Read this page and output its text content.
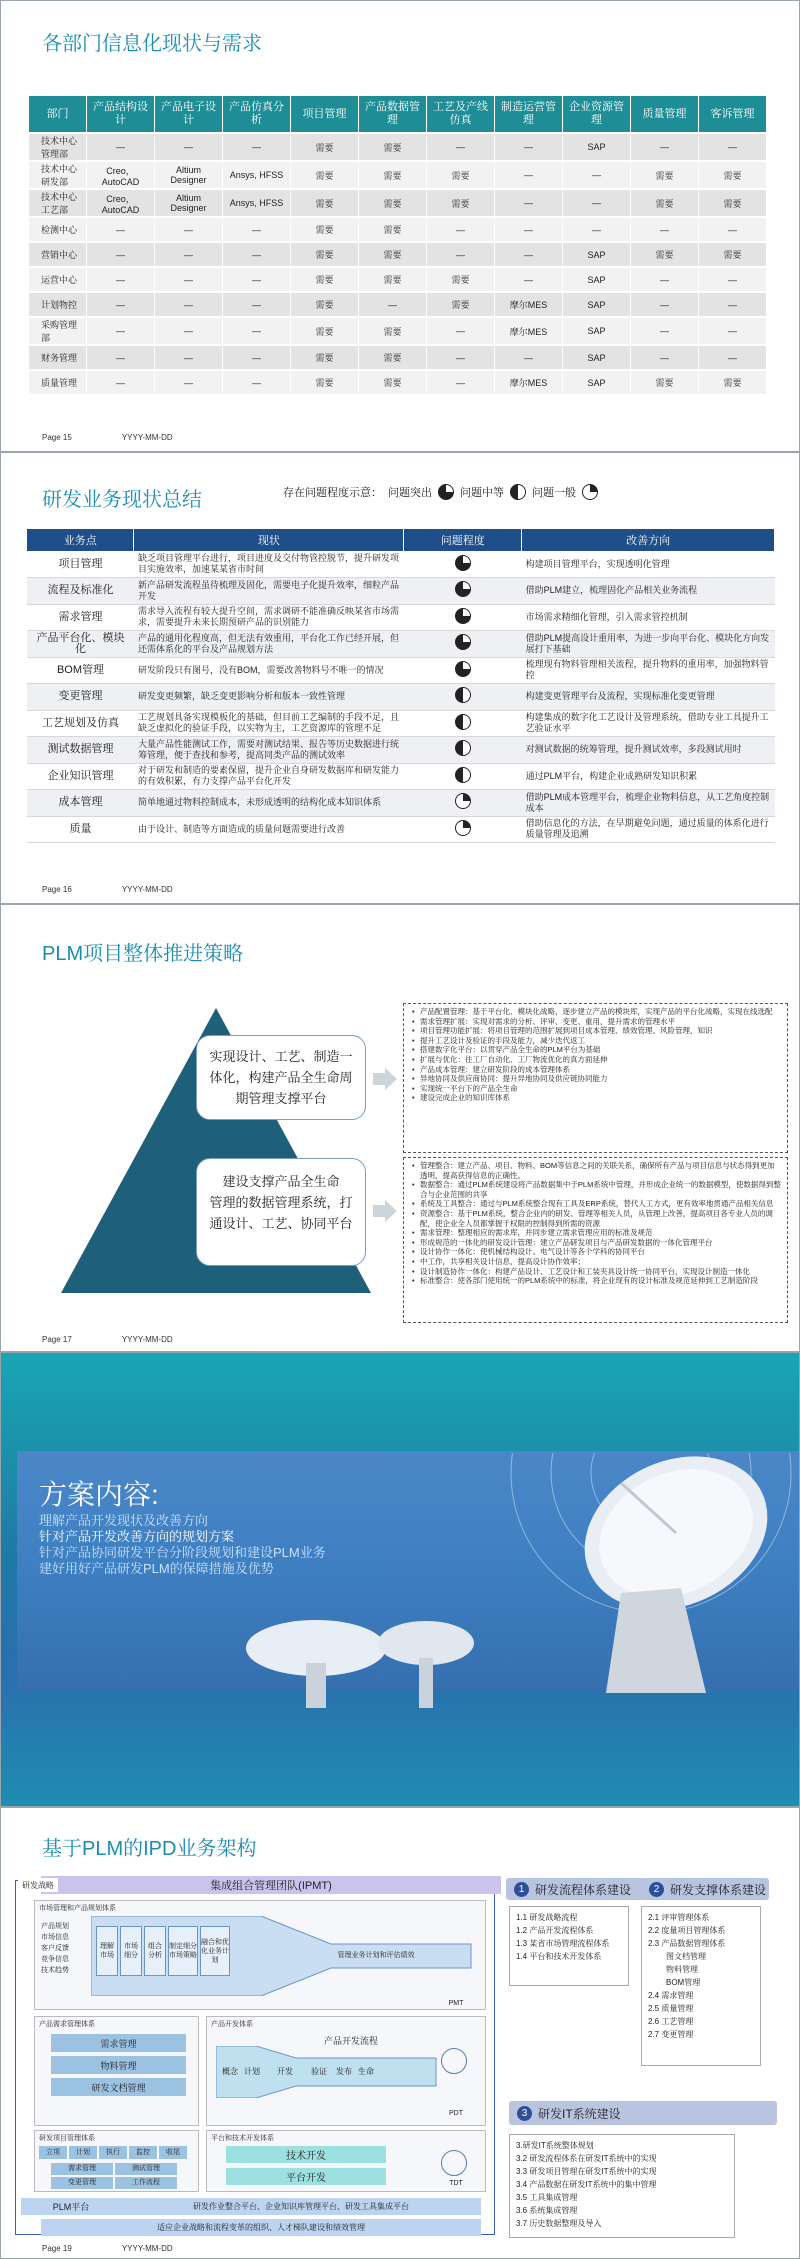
各部门信息化现状与需求
部门	产品结构设计	产品电子设计	产品仿真分析	项目管理	产品数据管理	工艺及产线仿真	制造运营管理	企业资源管理	质量管理	客诉管理
技术中心管理部	—	—	—	需要	需要	—	—	SAP	—	—
技术中心研发部	Creo，AutoCAD	Altium Designer	Ansys, HFSS	需要	需要	需要	—	—	需要	需要
技术中心工艺部	Creo，AutoCAD	Altium Designer	Ansys, HFSS	需要	需要	需要	—	—	需要	需要
检测中心	—	—	—	需要	需要	—	—	—	—	—
营销中心	—	—	—	需要	需要	—	—	SAP	需要	需要
运营中心	—	—	—	需要	需要	需要	—	SAP	—	—
计划物控	—	—	—	需要	—	需要	摩尔MES	SAP	—	—
采购管理部	—	—	—	需要	需要	—	摩尔MES	SAP	—	—
财务管理	—	—	—	需要	需要	—	—	SAP	—	—
质量管理	—	—	—	需要	需要	—	摩尔MES	SAP	需要	需要
Page 15	YYYY-MM-DD
研发业务现状总结	存在问题程度示意： 问题突出	问题中等	问题一般
业务点	现状	问题程度	改善方向
项目管理	缺乏项目管理平台进行，项目进度及交付物管控脱节，提升研发项目实施效率，加速某某省市时间		构建项目管理平台，实现透明化管理
流程及标准化	新产品研发流程虽待梳理及固化，需要电子化提升效率，细粒产品开发		借助PLM建立，梳理固化产品相关业务流程
需求管理	需求导入流程有较大提升空间，需求调研不能准确反映某省市场需求，需要提升未来长期预研产品的识别能力		市场需求精细化管理，引入需求管控机制
产品平台化、模块化	产品的通用化程度高，但无法有效重用，平台化工作已经开展，但还需体系化的平台及产品规划方法		借助PLM提高设计重用率，为进一步向平台化、模块化方向发展打下基础
BOM管理	研发阶段只有图号，没有BOM，需要改善物料号不唯一的情况		梳理现有物料管理相关流程，提升物料的重用率，加强物料管控
变更管理	研发变更频繁，缺乏变更影响分析和版本一致性管理		构建变更管理平台及流程，实现标准化变更管理
工艺规划及仿真	工艺规划具备实现模板化的基础，但目前工艺编制的手段不足，且缺乏虚拟化的验证手段，以实物为主，工艺资源库的管理不足		构建集成的数字化工艺设计及管理系统，借助专业工具提升工艺验证水平
测试数据管理	大量产品性能测试工作，需要对测试结果、报告等历史数据进行统筹管理，便于查找和参考，提高同类产品的测试效率		对测试数据的统筹管理，提升测试效率，多段测试用时
企业知识管理	对于研发和制造的要素保留，提升企业自身研发数据库和研发能力的有效积累，有力支撑产品平台化开发		通过PLM平台，构建企业成熟研发知识积累
成本管理	简单地通过物料控制成本，未形成透明的结构化成本知识体系		借助PLM成本管理平台，梳理企业物料信息，从工艺角度控制成本
质量	由于设计、制造等方面造成的质量问题需要进行改善		借助信息化的方法，在早期避免问题，通过质量的体系化进行质量管理及追溯
Page 16	YYYY-MM-DD
PLM项目整体推进策略
实现设计、工艺、制造一
体化，构建产品全生命周
期管理支撑平台
建设支撑产品全生命
管理的数据管理系统，打
通设计、工艺、协同平台
• 产品配置管理：基于平台化、模块化战略，逐步建立产品的模块库，实现产品的平台化战略，实现在线选配
• 需求管理扩展：实现对需求的分析、评审、变更、重用，提升需求的管理水平
• 项目管理功能扩展：将项目管理的范围扩展到项目成本管理、绩效管理、风险管理、知识
• 提升工艺设计及验证的手段及能力，减少迭代返工
• 搭建数字化平台：以贯穿产品全生命的PLM平台为基础
• 扩展与优化：往工厂自动化、工厂物流优化的真方面延伸
• 产品成本管理：建立研发阶段的成本管理体系
• 异地协同及供应商协同：提升异地协同及供应链协同能力
• 实现统一平台下的产品全生命
• 建设完成企业的知识库体系
• 管理整合：建立产品、项目、物料、BOM等信息之间的关联关系，确保所有产品与项目信息与状态得到更加透明，提高获得信息的正确性。
• 数据整合：通过PLM系统建设将产品数据集中于PLM系统中管理，并形成企业统一的数据模型，使数据得到整合与企业范围的共享
• 系统及工具整合：通过与PLM系统整合现有工具及ERP系统，替代人工方式，更有效率地贯通产品相关信息
• 资源整合：基于PLM系统，整合企业内的研发、管理等相关人员，从管理上改善，提高项目各专业人员的调配，使企业全人员都掌握于权限的控制得到所需的资源
• 需求管理：整理相应的需求库，并同步建立需求管理应用的标准及规范
• 形成规范的一体化的研发设计管理：建立产品研发项目与产品研发数据的一体化管理平台
• 设计协作一体化：使机械结构设计、电气设计等各个学科的协同平台
• 中工作，共享相关设计信息，提高设计协作效率；
• 设计制造协作一体化：构建产品设计、工艺设计和工装夹具设计统一协同平台，实现设计制造一体化
• 标准整合：使各部门使用统一的PLM系统中的标准，将企业现有的设计标准及规范延伸到工艺制造阶段
Page 17	YYYY-MM-DD
方案内容:
理解产品开发现状及改善方向
针对产品开发改善方向的规划方案
针对产品协同研发平台分阶段规划和建设PLM业务
建好用好产品研发PLM的保障措施及优势
基于PLM的IPD业务架构
集成组合管理团队(IPMT)
研发战略
市场管理和产品规划体系
产品规划
市场信息
客户反馈
竞争信息
技术趋势
理解市场
市场细分
组合分析
制定细分市场策略
融合和优化业务计划
管理业务计划和评估绩效
PMT
产品需求管理体系
需求管理
物料管理
研发文档管理
产品开发体系
产品开发流程
概念 计划	开发	验证	发布 生命
PDT
平台和技术开发体系
技术开发
平台开发	TDT
研发项目管理体系
立项	计划	执行	监控	收尾
需求管理	测试管理
变更管理	工作流程
PLM平台	研发作业整合平台、企业知识库管理平台、研发工具集成平台
适应企业战略和流程变革的组织、人才梯队建设和绩效管理
1 研发流程体系建设	2 研发支撑体系建设
1.1 研发战略流程
1.2 产品开发流程体系
1.3 某省市场管理流程体系
1.4 平台和技术开发体系
2.1 评审管理体系
2.2 度量项目管理体系
2.3 产品数据管理体系
图文档管理
物料管理
BOM管理
2.4 需求管理
2.5 质量管理
2.6 工艺管理
2.7 变更管理
3 研发IT系统建设
3.研发IT系统整体规划
3.2 研发流程体系在研发IT系统中的实现
3.3 研发项目管理在研发IT系统中的实现
3.4 产品数据在研发IT系统中的集中管理
3.5 工具集成管理
3.6 系统集成管理
3.7 历史数据整理及导入
Page 19	YYYY-MM-DD
